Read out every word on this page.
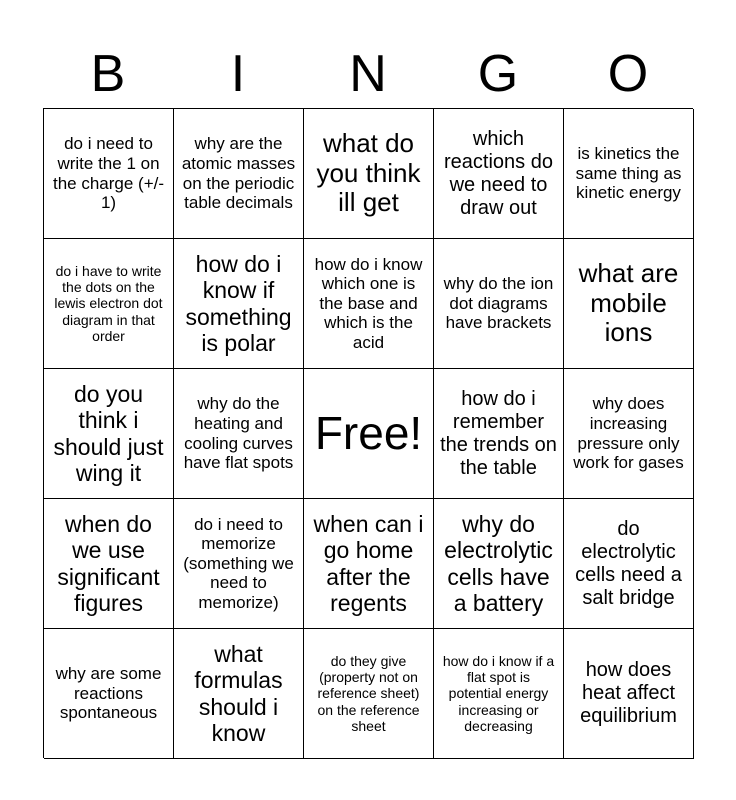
B	I	N	G	O
do i need to write the 1 on the charge (+/- 1)
why are the atomic masses on the periodic table decimals
what do you think ill get
which reactions do we need to draw out
is kinetics the same thing as kinetic energy
do i have to write the dots on the lewis electron dot diagram in that order
how do i know if something is polar
how do i know which one is the base and which is the acid
why do the ion dot diagrams have brackets
what are mobile ions
do you think i should just wing it
why do the heating and cooling curves have flat spots
Free!
how do i remember the trends on the table
why does increasing pressure only work for gases
when do we use significant figures
do i need to memorize (something we need to memorize)
when can i go home after the regents
why do electrolytic cells have a battery
do electrolytic cells need a salt bridge
why are some reactions spontaneous
what formulas should i know
do they give (property not on reference sheet) on the reference sheet
how do i know if a flat spot is potential energy increasing or decreasing
how does heat affect equilibrium
